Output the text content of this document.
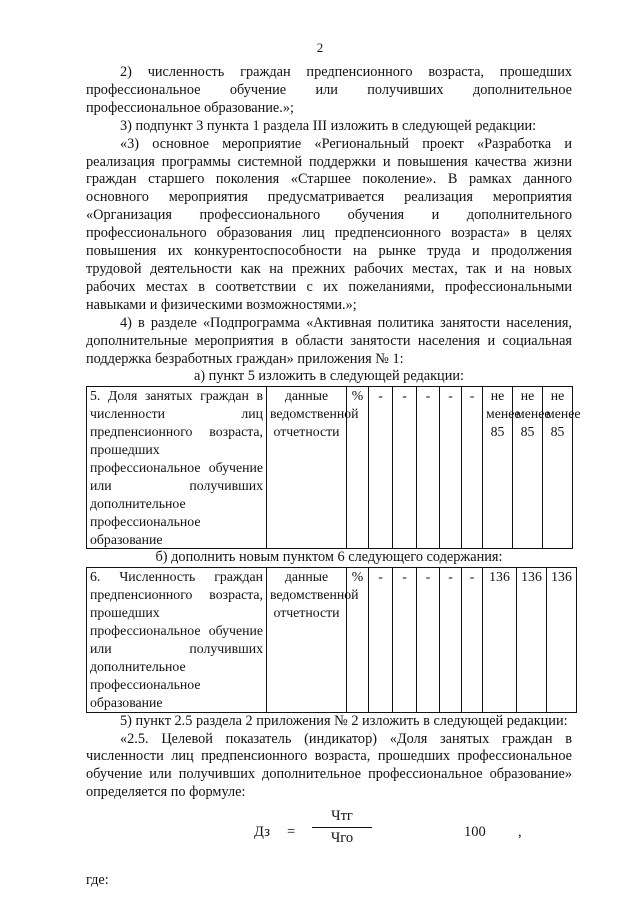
2

2) численность граждан предпенсионного возраста, прошедших профессиональное обучение или получивших дополнительное профессиональное образование.»;

3) подпункт 3 пункта 1 раздела III изложить в следующей редакции:

«3) основное мероприятие «Региональный проект «Разработка и реализация программы системной поддержки и повышения качества жизни граждан старшего поколения «Старшее поколение». В рамках данного основного мероприятия предусматривается реализация мероприятия «Организация профессионального обучения и дополнительного профессионального образования лиц предпенсионного возраста» в целях повышения их конкурентоспособности на рынке труда и продолжения трудовой деятельности как на прежних рабочих местах, так и на новых рабочих местах в соответствии с их пожеланиями, профессиональными навыками и физическими возможностями.»;

4) в разделе «Подпрограмма «Активная политика занятости населения, дополнительные мероприятия в области занятости населения и социальная поддержка безработных граждан» приложения № 1:

а) пункт 5 изложить в следующей редакции:

5. Доля занятых граждан в численности лиц предпенсионного возраста, прошедших профессиональное обучение или получивших дополнительное профессиональное образование	данные ведомственной отчетности	%	-	-	-	-	-	не менее 85	не менее 85	не менее 85

б) дополнить новым пунктом 6 следующего содержания:

6. Численность граждан предпенсионного возраста, прошедших профессиональное обучение или получивших дополнительное профессиональное образование	данные ведомственной отчетности	%	-	-	-	-	-	136	136	136

5) пункт 2.5 раздела 2 приложения № 2 изложить в следующей редакции:

«2.5. Целевой показатель (индикатор) «Доля занятых граждан в численности лиц предпенсионного возраста, прошедших профессиональное обучение или получивших дополнительное профессиональное образование» определяется по формуле:

Дз =
Чтг
Чго	×	100 ,
где:
